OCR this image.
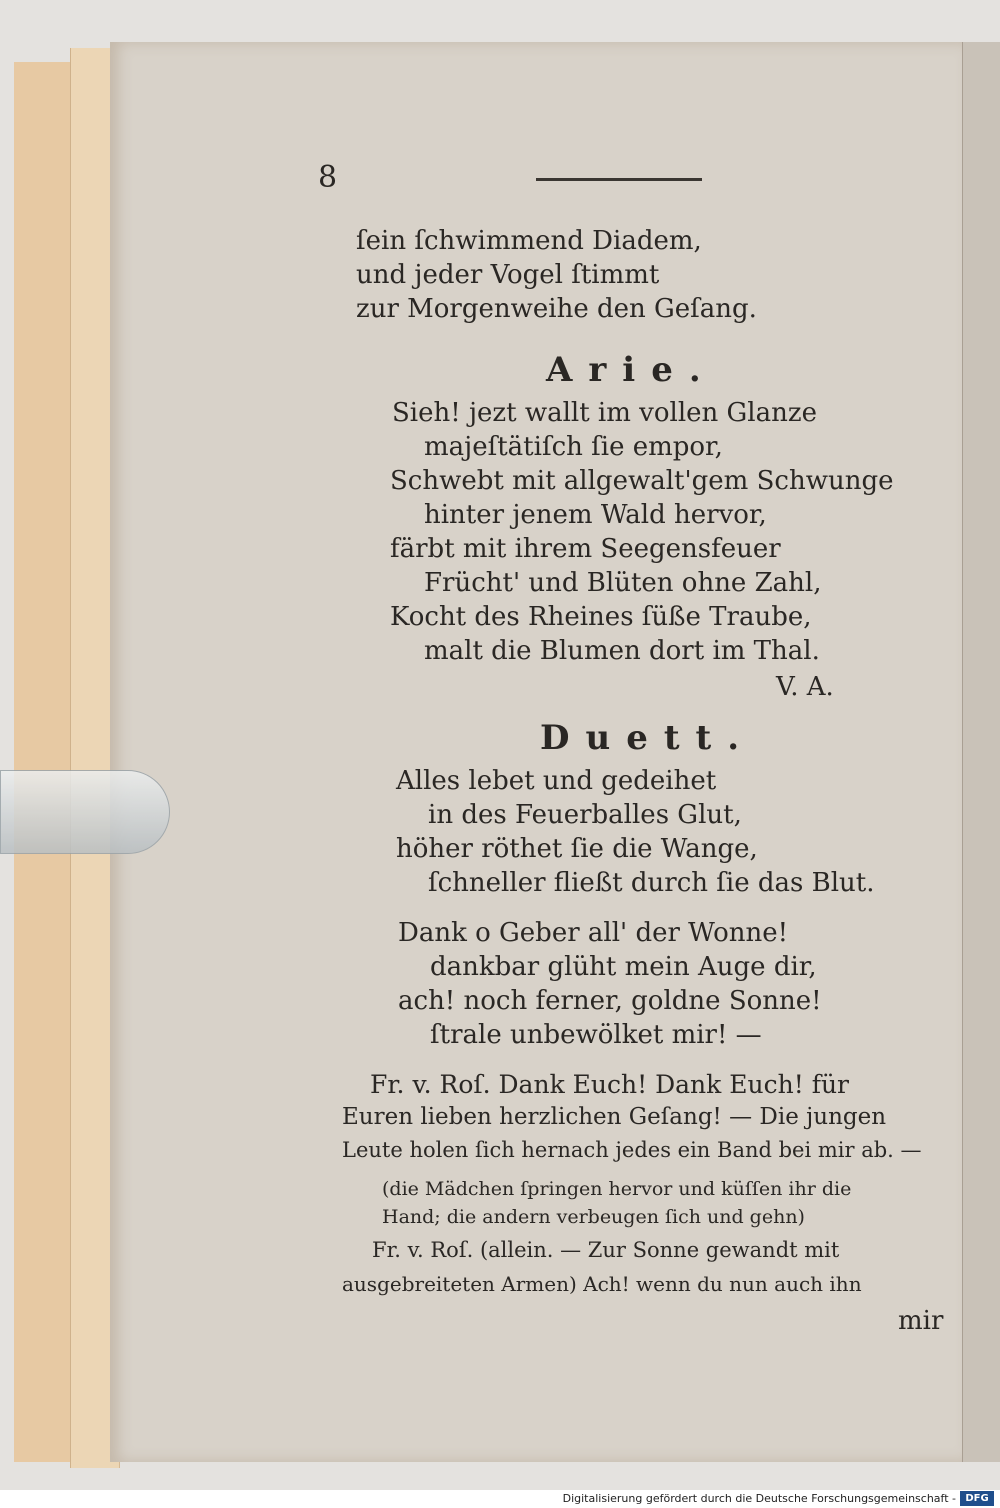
8
ſein ſchwimmend Diadem,
und jeder Vogel ſtimmt
zur Morgenweihe den Geſang.
Arie.
Sieh! jezt wallt im vollen Glanze
majeſtätiſch ſie empor,
Schwebt mit allgewalt'gem Schwunge
hinter jenem Wald hervor,
färbt mit ihrem Seegensfeuer
Frücht' und Blüten ohne Zahl,
Kocht des Rheines ſüße Traube,
malt die Blumen dort im Thal.
V. A.
Duett.
Alles lebet und gedeihet
in des Feuerballes Glut,
höher röthet ſie die Wange,
ſchneller fließt durch ſie das Blut.
Dank o Geber all' der Wonne!
dankbar glüht mein Auge dir,
ach! noch ferner, goldne Sonne!
ſtrale unbewölket mir! —
Fr. v. Roſ. Dank Euch! Dank Euch! für
Euren lieben herzlichen Geſang! — Die jungen
Leute holen ſich hernach jedes ein Band bei mir ab. —
(die Mädchen ſpringen hervor und küſſen ihr die
Hand; die andern verbeugen ſich und gehn)
Fr. v. Roſ. (allein. — Zur Sonne gewandt mit
ausgebreiteten Armen) Ach! wenn du nun auch ihn
mir
Digitalisierung gefördert durch die Deutsche Forschungsgemeinschaft - DFG
